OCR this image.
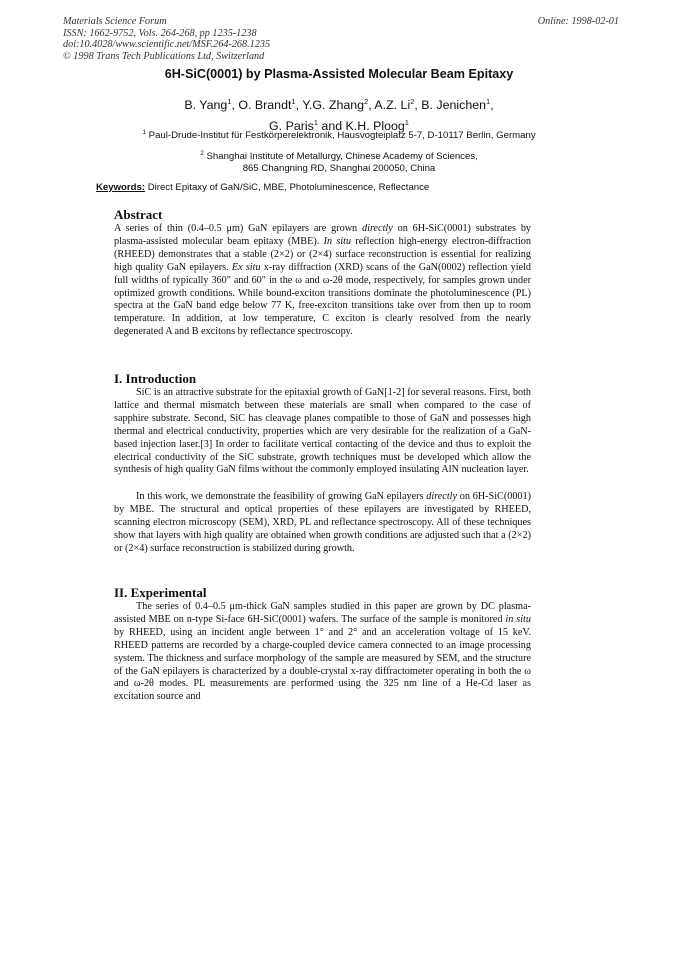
Materials Science Forum
ISSN: 1662-9752, Vols. 264-268, pp 1235-1238
doi:10.4028/www.scientific.net/MSF.264-268.1235
© 1998 Trans Tech Publications Ltd, Switzerland
Online: 1998-02-01
6H-SiC(0001) by Plasma-Assisted Molecular Beam Epitaxy
B. Yang$^1$, O. Brandt$^1$, Y.G. Zhang$^2$, A.Z. Li$^2$, B. Jenichen$^1$,
G. Paris$^1$ and K.H. Ploog$^1$
$^1$ Paul-Drude-Institut für Festkörperelektronik, Hausvogteiplatz 5-7, D-10117 Berlin, Germany
$^2$ Shanghai Institute of Metallurgy, Chinese Academy of Sciences,
865 Changning RD, Shanghai 200050, China
Keywords: Direct Epitaxy of GaN/SiC, MBE, Photoluminescence, Reflectance
Abstract

A series of thin (0.4–0.5 μm) GaN epilayers are grown directly on 6H-SiC(0001) substrates by plasma-assisted molecular beam epitaxy (MBE). In situ reflection high-energy electron-diffraction (RHEED) demonstrates that a stable (2×2) or (2×4) surface reconstruction is essential for realizing high quality GaN epilayers. Ex situ x-ray diffraction (XRD) scans of the GaN(0002) reflection yield full widths of typically 360" and 60" in the ω and ω-2θ mode, respectively, for samples grown under optimized growth conditions. While bound-exciton transitions dominate the photoluminescence (PL) spectra at the GaN band edge below 77 K, free-exciton transitions take over from then up to room temperature. In addition, at low temperature, C exciton is clearly resolved from the nearly degenerated A and B excitons by reflectance spectroscopy.

I. Introduction

SiC is an attractive substrate for the epitaxial growth of GaN[1-2] for several reasons. First, both lattice and thermal mismatch between these materials are small when compared to the case of sapphire substrate. Second, SiC has cleavage planes compatible to those of GaN and possesses high thermal and electrical conductivity, properties which are very desirable for the realization of a GaN-based injection laser.[3] In order to facilitate vertical contacting of the device and thus to exploit the electrical conductivity of the SiC substrate, growth techniques must be developed which allow the synthesis of high quality GaN films without the commonly employed insulating AlN nucleation layer.

In this work, we demonstrate the feasibility of growing GaN epilayers directly on 6H-SiC(0001) by MBE. The structural and optical properties of these epilayers are investigated by RHEED, scanning electron microscopy (SEM), XRD, PL and reflectance spectroscopy. All of these techniques show that layers with high quality are obtained when growth conditions are adjusted such that a (2×2) or (2×4) surface reconstruction is stabilized during growth.

II. Experimental

The series of 0.4–0.5 μm-thick GaN samples studied in this paper are grown by DC plasma-assisted MBE on n-type Si-face 6H-SiC(0001) wafers. The surface of the sample is monitored in situ by RHEED, using an incident angle between 1° and 2° and an acceleration voltage of 15 keV. RHEED patterns are recorded by a charge-coupled device camera connected to an image processing system. The thickness and surface morphology of the sample are measured by SEM, and the structure of the GaN epilayers is characterized by a double-crystal x-ray diffractometer operating in both the ω and ω-2θ modes. PL measurements are performed using the 325 nm line of a He-Cd laser as excitation source and
